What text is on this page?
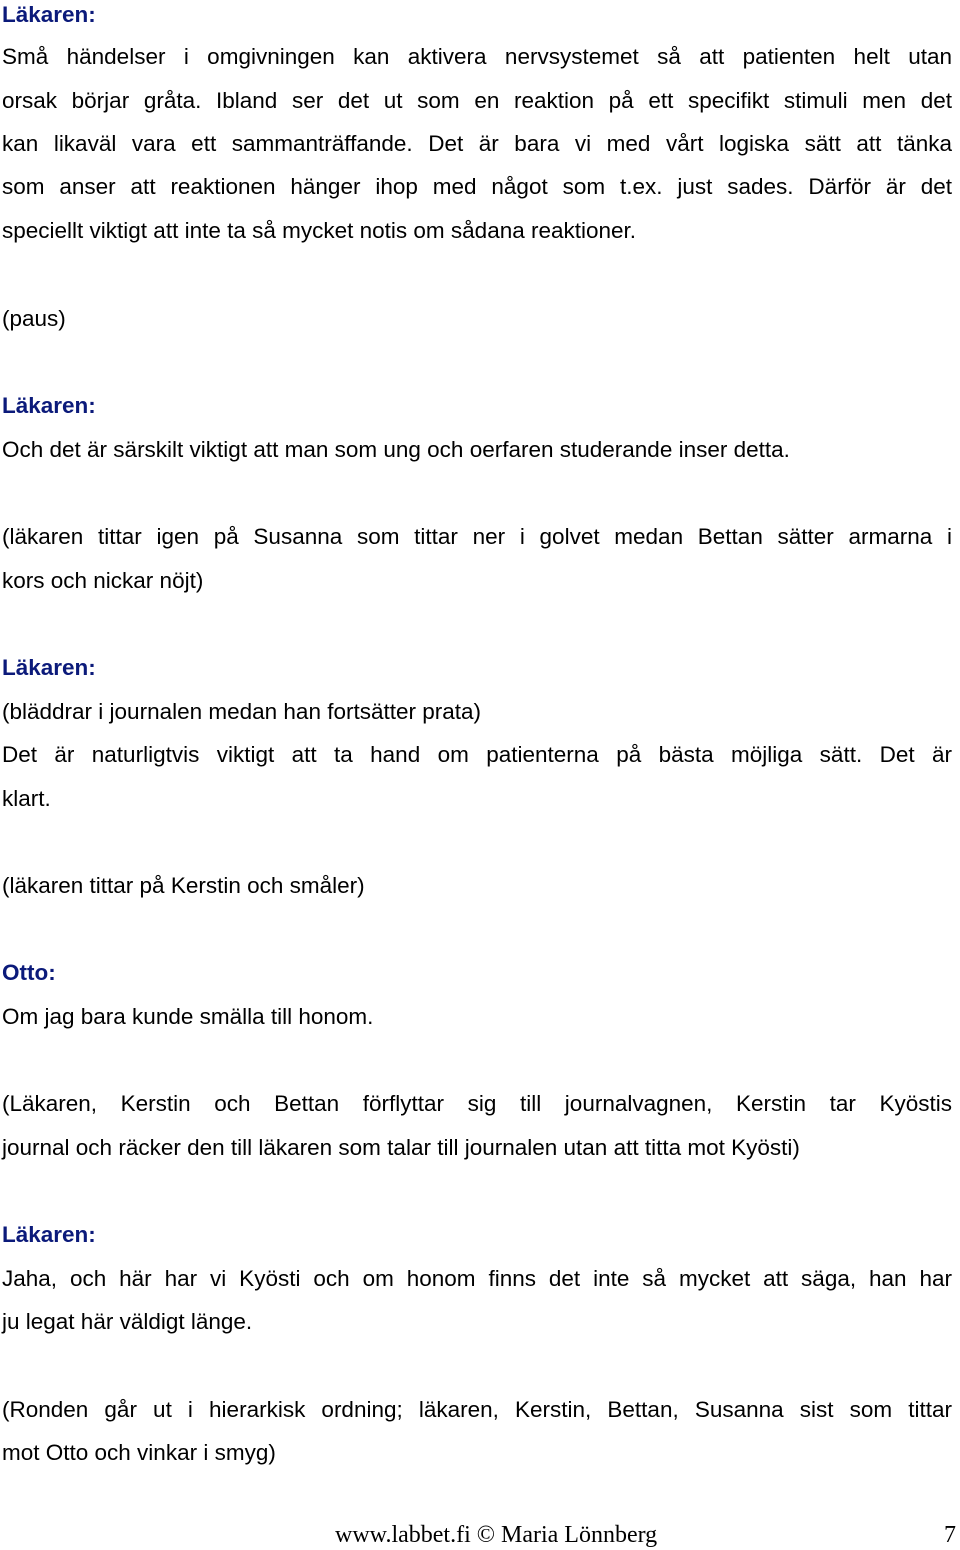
Läkaren:
Små händelser i omgivningen kan aktivera nervsystemet så att patienten helt utan
orsak börjar gråta. Ibland ser det ut som en reaktion på ett specifikt stimuli men det
kan likaväl vara ett sammanträffande. Det är bara vi med vårt logiska sätt att tänka
som anser att reaktionen hänger ihop med något som t.ex. just sades. Därför är det
speciellt viktigt att inte ta så mycket notis om sådana reaktioner.
(paus)
Läkaren:
Och det är särskilt viktigt att man som ung och oerfaren studerande inser detta.
(läkaren tittar igen på Susanna som tittar ner i golvet medan Bettan sätter armarna i
kors och nickar nöjt)
Läkaren:
(bläddrar i journalen medan han fortsätter prata)
Det är naturligtvis viktigt att ta hand om patienterna på bästa möjliga sätt. Det är
klart.
(läkaren tittar på Kerstin och småler)
Otto:
Om jag bara kunde smälla till honom.
(Läkaren, Kerstin och Bettan förflyttar sig till journalvagnen, Kerstin tar Kyöstis
journal och räcker den till läkaren som talar till journalen utan att titta mot Kyösti)
Läkaren:
Jaha, och här har vi Kyösti och om honom finns det inte så mycket att säga, han har
ju legat här väldigt länge.
(Ronden går ut i hierarkisk ordning; läkaren, Kerstin, Bettan, Susanna sist som tittar
mot Otto och vinkar i smyg)
www.labbet.fi © Maria Lönnberg	7
